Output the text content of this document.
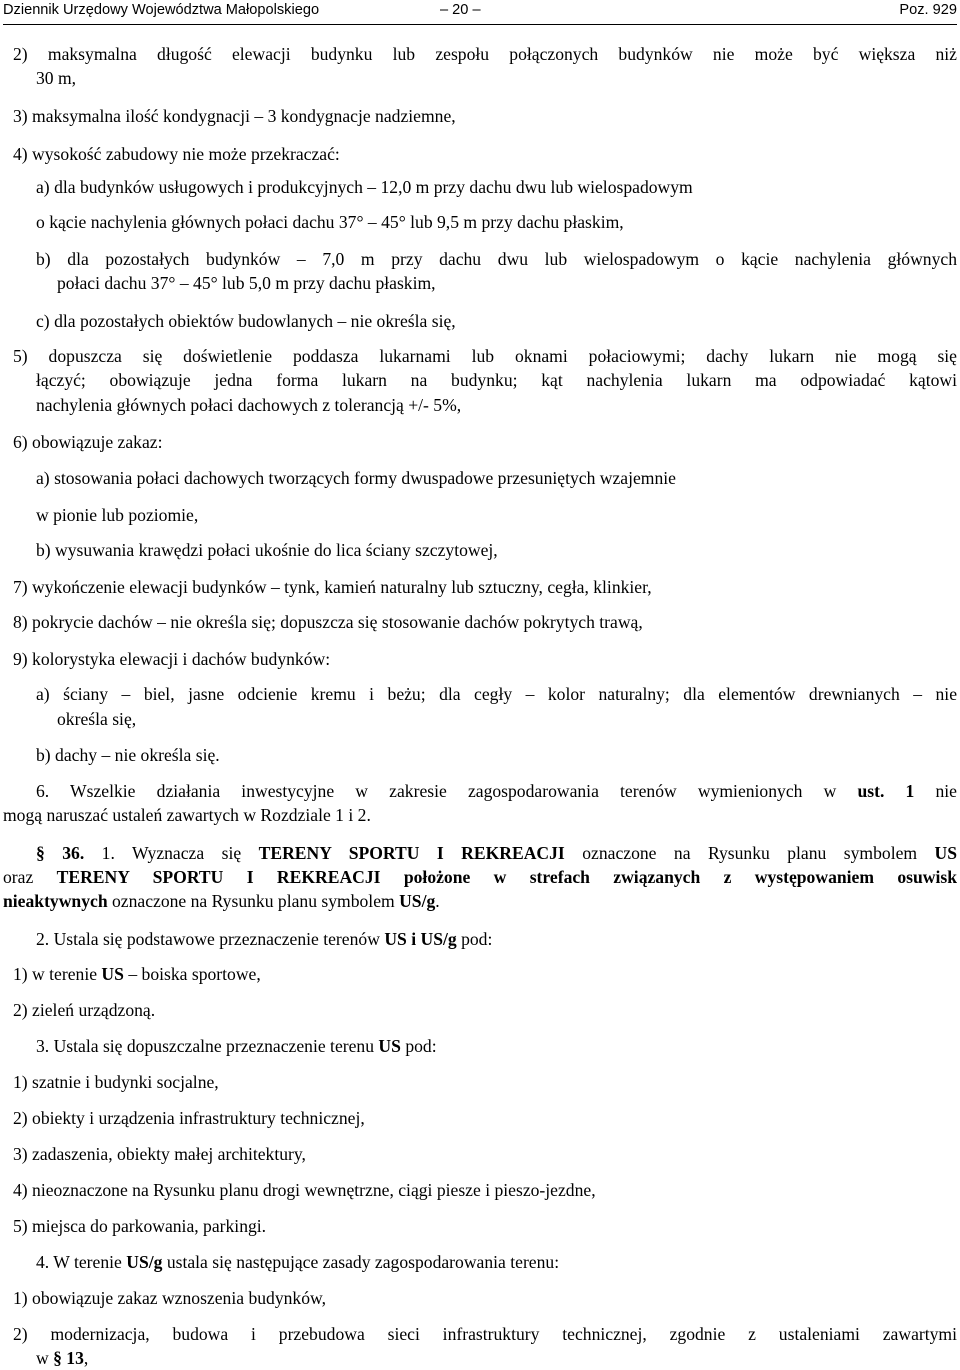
Dziennik Urzędowy Województwa Małopolskiego	– 20 –	Poz. 929
2) maksymalna długość elewacji budynku lub zespołu połączonych budynków nie może być większa niż
30 m,
3) maksymalna ilość kondygnacji – 3 kondygnacje nadziemne,
4) wysokość zabudowy nie może przekraczać:
a) dla budynków usługowych i produkcyjnych – 12,0 m przy dachu dwu lub wielospadowym
o kącie nachylenia głównych połaci dachu 37° – 45° lub 9,5 m przy dachu płaskim,
b) dla pozostałych budynków – 7,0 m przy dachu dwu lub wielospadowym o kącie nachylenia głównych
połaci dachu 37° – 45° lub 5,0 m przy dachu płaskim,
c) dla pozostałych obiektów budowlanych – nie określa się,
5) dopuszcza się doświetlenie poddasza lukarnami lub oknami połaciowymi; dachy lukarn nie mogą się
łączyć; obowiązuje jedna forma lukarn na budynku; kąt nachylenia lukarn ma odpowiadać kątowi
nachylenia głównych połaci dachowych z tolerancją +/- 5%,
6) obowiązuje zakaz:
a) stosowania połaci dachowych tworzących formy dwuspadowe przesuniętych wzajemnie
w pionie lub poziomie,
b) wysuwania krawędzi połaci ukośnie do lica ściany szczytowej,
7) wykończenie elewacji budynków – tynk, kamień naturalny lub sztuczny, cegła, klinkier,
8) pokrycie dachów – nie określa się; dopuszcza się stosowanie dachów pokrytych trawą,
9) kolorystyka elewacji i dachów budynków:
a) ściany – biel, jasne odcienie kremu i beżu; dla cegły – kolor naturalny; dla elementów drewnianych – nie
określa się,
b) dachy – nie określa się.
6. Wszelkie działania inwestycyjne w zakresie zagospodarowania terenów wymienionych w ust. 1 nie
mogą naruszać ustaleń zawartych w Rozdziale 1 i 2.
§ 36. 1. Wyznacza się TERENY SPORTU I REKREACJI oznaczone na Rysunku planu symbolem US
oraz TERENY SPORTU I REKREACJI położone w strefach związanych z występowaniem osuwisk
nieaktywnych oznaczone na Rysunku planu symbolem US/g.
2. Ustala się podstawowe przeznaczenie terenów US i US/g pod:
1) w terenie US – boiska sportowe,
2) zieleń urządzoną.
3. Ustala się dopuszczalne przeznaczenie terenu US pod:
1) szatnie i budynki socjalne,
2) obiekty i urządzenia infrastruktury technicznej,
3) zadaszenia, obiekty małej architektury,
4) nieoznaczone na Rysunku planu drogi wewnętrzne, ciągi piesze i pieszo-jezdne,
5) miejsca do parkowania, parkingi.
4. W terenie US/g ustala się następujące zasady zagospodarowania terenu:
1) obowiązuje zakaz wznoszenia budynków,
2) modernizacja, budowa i przebudowa sieci infrastruktury technicznej, zgodnie z ustaleniami zawartymi
w § 13,
